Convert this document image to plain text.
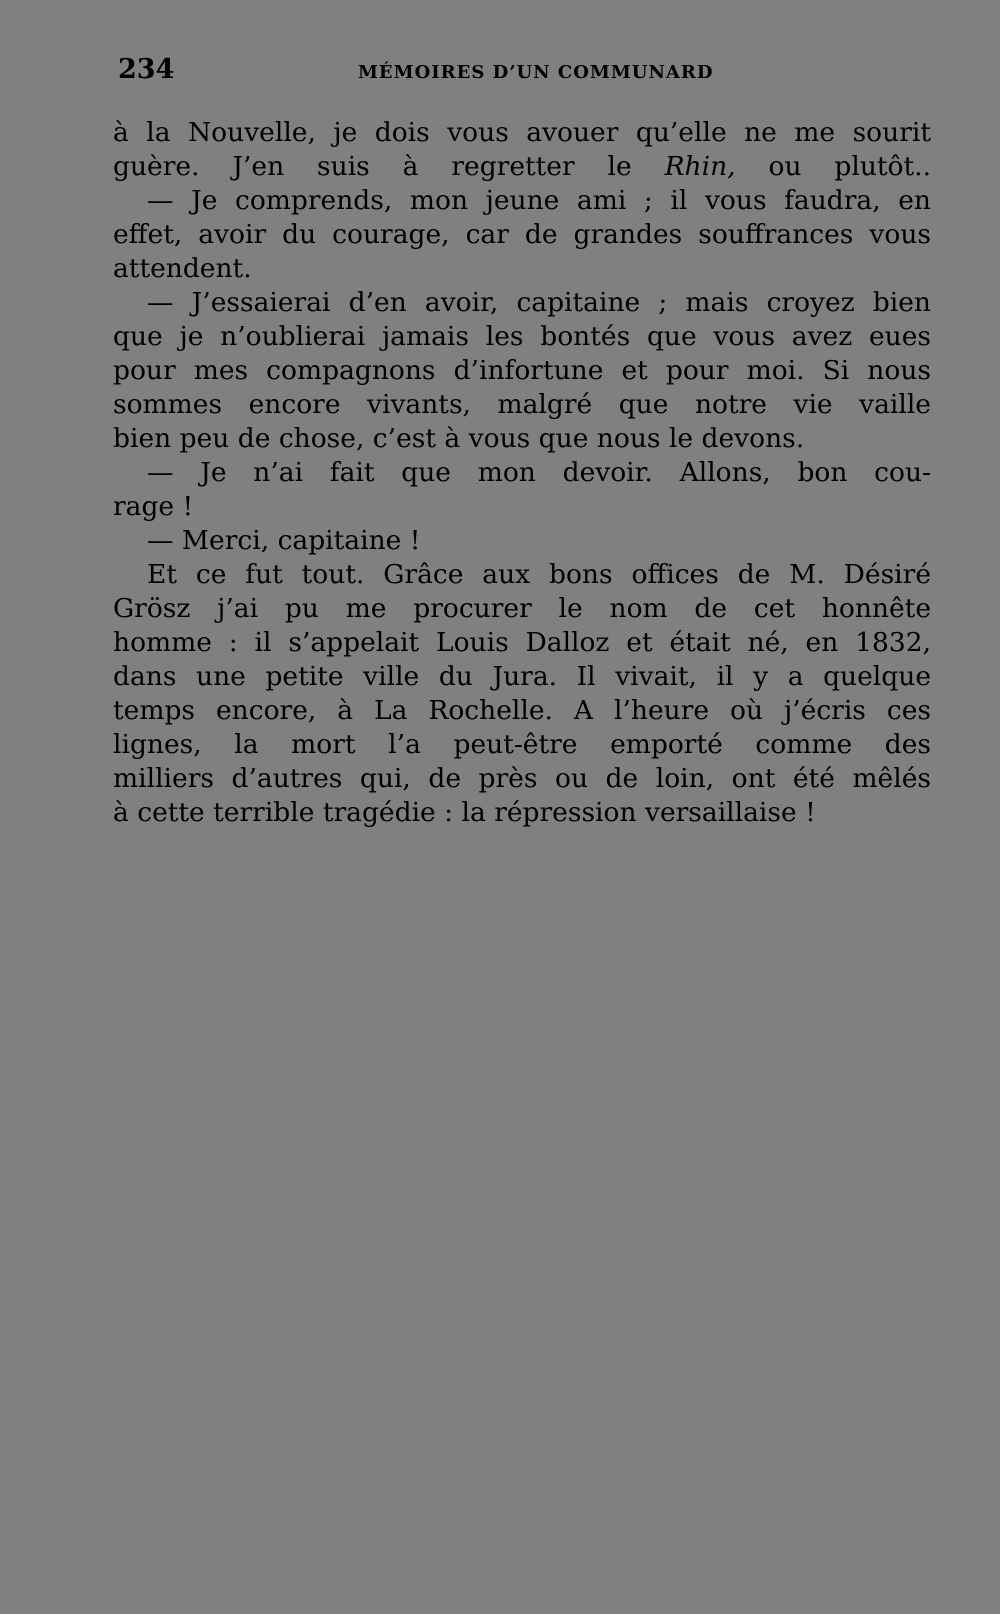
234	MÉMOIRES D’UN COMMUNARD
à la Nouvelle, je dois vous avouer qu’elle ne me sourit
guère. J’en suis à regretter le Rhin, ou plutôt..
— Je comprends, mon jeune ami ; il vous faudra, en
effet, avoir du courage, car de grandes souffrances vous
attendent.
— J’essaierai d’en avoir, capitaine ; mais croyez bien
que je n’oublierai jamais les bontés que vous avez eues
pour mes compagnons d’infortune et pour moi. Si nous
sommes encore vivants, malgré que notre vie vaille
bien peu de chose, c’est à vous que nous le devons.
— Je n’ai fait que mon devoir. Allons, bon cou-
rage !
— Merci, capitaine !
Et ce fut tout. Grâce aux bons offices de M. Désiré
Grösz j’ai pu me procurer le nom de cet honnête
homme : il s’appelait Louis Dalloz et était né, en 1832,
dans une petite ville du Jura. Il vivait, il y a quelque
temps encore, à La Rochelle. A l’heure où j’écris ces
lignes, la mort l’a peut-être emporté comme des
milliers d’autres qui, de près ou de loin, ont été mêlés
à cette terrible tragédie : la répression versaillaise !
